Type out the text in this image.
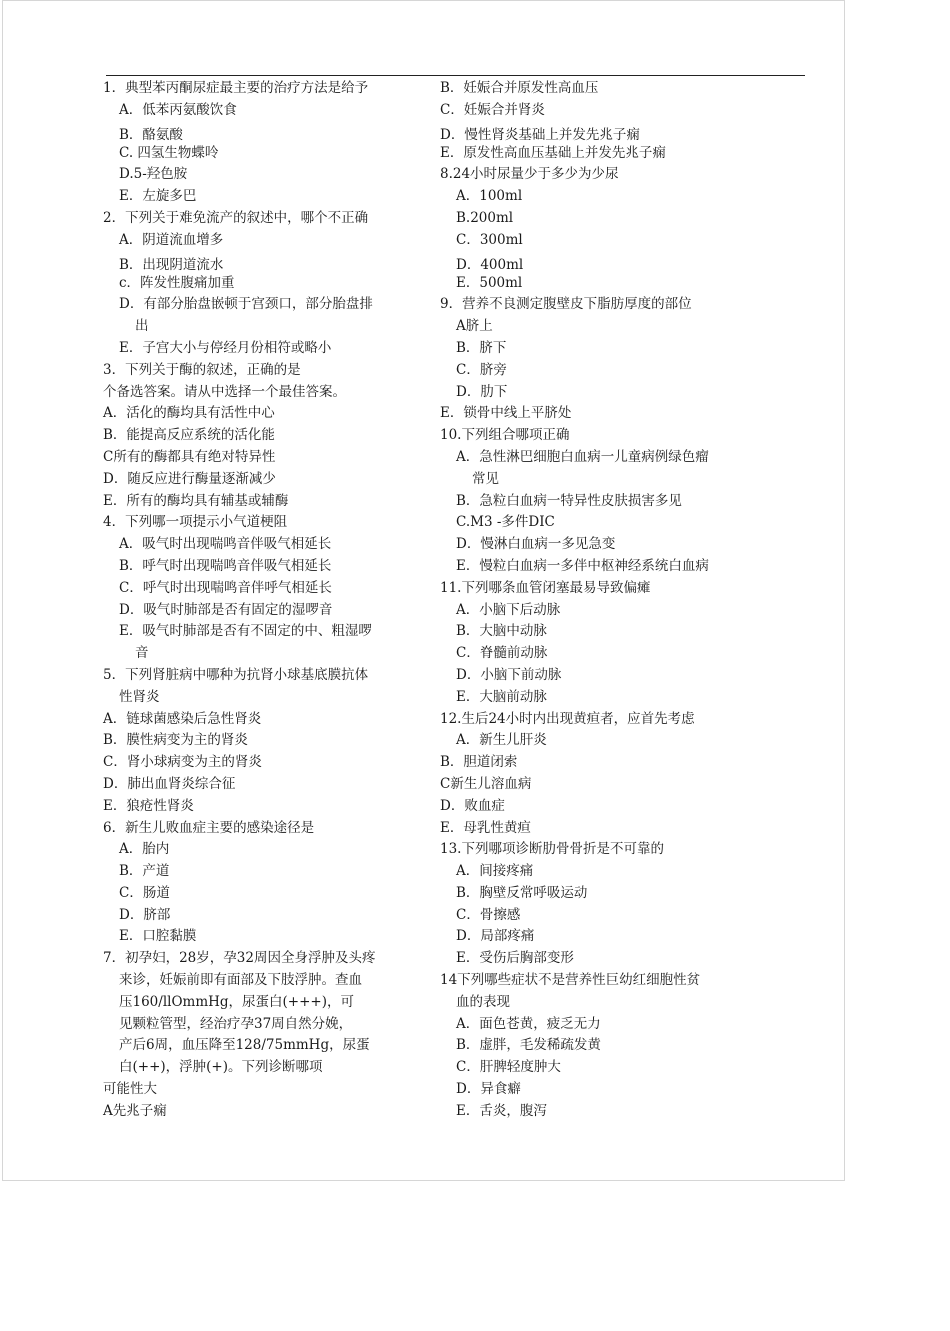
1．典型苯丙酮尿症最主要的治疗方法是给予
A．低苯丙氨酸饮食
B．酪氨酸
C. 四氢生物蝶呤
D.5-羟色胺
E．左旋多巴
2．下列关于难免流产的叙述中，哪个不正确
A．阴道流血增多
B．出现阴道流水
c．阵发性腹痛加重
D．有部分胎盘嵌顿于宫颈口，部分胎盘排
出
E．子宫大小与停经月份相符或略小
3．下列关于酶的叙述，正确的是
个备选答案。请从中选择一个最佳答案。
A．活化的酶均具有活性中心
B．能提高反应系统的活化能
C所有的酶都具有绝对特异性
D．随反应进行酶量逐渐减少
E．所有的酶均具有辅基或辅酶
4．下列哪一项提示小气道梗阻
A．吸气时出现喘鸣音伴吸气相延长
B．呼气时出现喘鸣音伴吸气相延长
C．呼气时出现喘鸣音伴呼气相延长
D．吸气时肺部是否有固定的湿啰音
E．吸气时肺部是否有不固定的中、粗湿啰
音
5．下列肾脏病中哪种为抗肾小球基底膜抗体
性肾炎
A．链球菌感染后急性肾炎
B．膜性病变为主的肾炎
C．肾小球病变为主的肾炎
D．肺出血肾炎综合征
E．狼疮性肾炎
6．新生儿败血症主要的感染途径是
A．胎内
B．产道
C．肠道
D．脐部
E．口腔黏膜
7．初孕妇，28岁，孕32周因全身浮肿及头疼
来诊，妊娠前即有面部及下肢浮肿。查血
压160/llOmmHg，尿蛋白(+++)，可
见颗粒管型，经治疗孕37周自然分娩，
产后6周，血压降至128/75mmHg，尿蛋
白(++)，浮肿(+)。下列诊断哪项
可能性大
A先兆子痫
B．妊娠合并原发性高血压
C．妊娠合并肾炎
D．慢性肾炎基础上并发先兆子痫
E．原发性高血压基础上并发先兆子痫
8.24小时尿量少于多少为少尿
A．100ml
B.200ml
C．300ml
D．400ml
E．500ml
9．营养不良测定腹壁皮下脂肪厚度的部位
A脐上
B．脐下
C．脐旁
D．肋下
E．锁骨中线上平脐处
10.下列组合哪项正确
A．急性淋巴细胞白血病一儿童病例绿色瘤
常见
B．急粒白血病一特异性皮肤损害多见
C.M3 -多件DIC
D．慢淋白血病一多见急变
E．慢粒白血病一多伴中枢神经系统白血病
11.下列哪条血管闭塞最易导致偏瘫
A．小脑下后动脉
B．大脑中动脉
C．脊髓前动脉
D．小脑下前动脉
E．大脑前动脉
12.生后24小时内出现黄疸者，应首先考虑
A．新生儿肝炎
B．胆道闭索
C新生儿溶血病
D．败血症
E．母乳性黄疸
13.下列哪项诊断肋骨骨折是不可靠的
A．间接疼痛
B．胸壁反常呼吸运动
C．骨擦感
D．局部疼痛
E．受伤后胸部变形
14下列哪些症状不是营养性巨幼红细胞性贫
血的表现
A．面色苍黄，疲乏无力
B．虚胖，毛发稀疏发黄
C．肝脾轻度肿大
D．异食癖
E．舌炎，腹泻
